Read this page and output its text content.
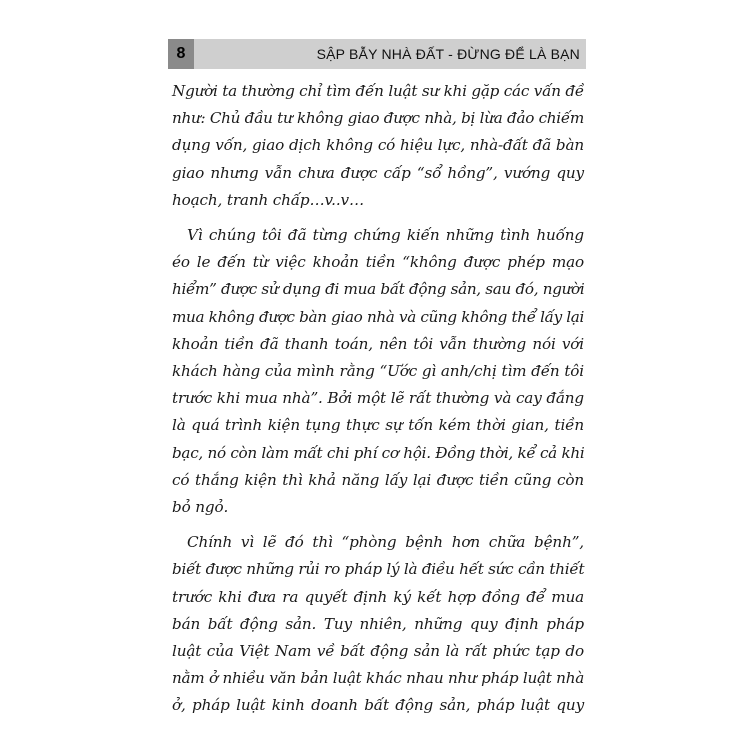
8	SẬP BẪY NHÀ ĐẤT - ĐỪNG ĐỂ LÀ BẠN

Người ta thường chỉ tìm đến luật sư khi gặp các vấn đề
như: Chủ đầu tư không giao được nhà, bị lừa đảo chiếm
dụng vốn, giao dịch không có hiệu lực, nhà-đất đã bàn
giao nhưng vẫn chưa được cấp “sổ hồng”, vướng quy
hoạch, tranh chấp…v..v…

Vì chúng tôi đã từng chứng kiến những tình huống
éo le đến từ việc khoản tiền “không được phép mạo
hiểm” được sử dụng đi mua bất động sản, sau đó, người
mua không được bàn giao nhà và cũng không thể lấy lại
khoản tiền đã thanh toán, nên tôi vẫn thường nói với
khách hàng của mình rằng “Ước gì anh/chị tìm đến tôi
trước khi mua nhà”. Bởi một lẽ rất thường và cay đắng
là quá trình kiện tụng thực sự tốn kém thời gian, tiền
bạc, nó còn làm mất chi phí cơ hội. Đồng thời, kể cả khi
có thắng kiện thì khả năng lấy lại được tiền cũng còn
bỏ ngỏ.

Chính vì lẽ đó thì “phòng bệnh hơn chữa bệnh”,
biết được những rủi ro pháp lý là điều hết sức cần thiết
trước khi đưa ra quyết định ký kết hợp đồng để mua
bán bất động sản. Tuy nhiên, những quy định pháp
luật của Việt Nam về bất động sản là rất phức tạp do
nằm ở nhiều văn bản luật khác nhau như pháp luật nhà
ở, pháp luật kinh doanh bất động sản, pháp luật quy
